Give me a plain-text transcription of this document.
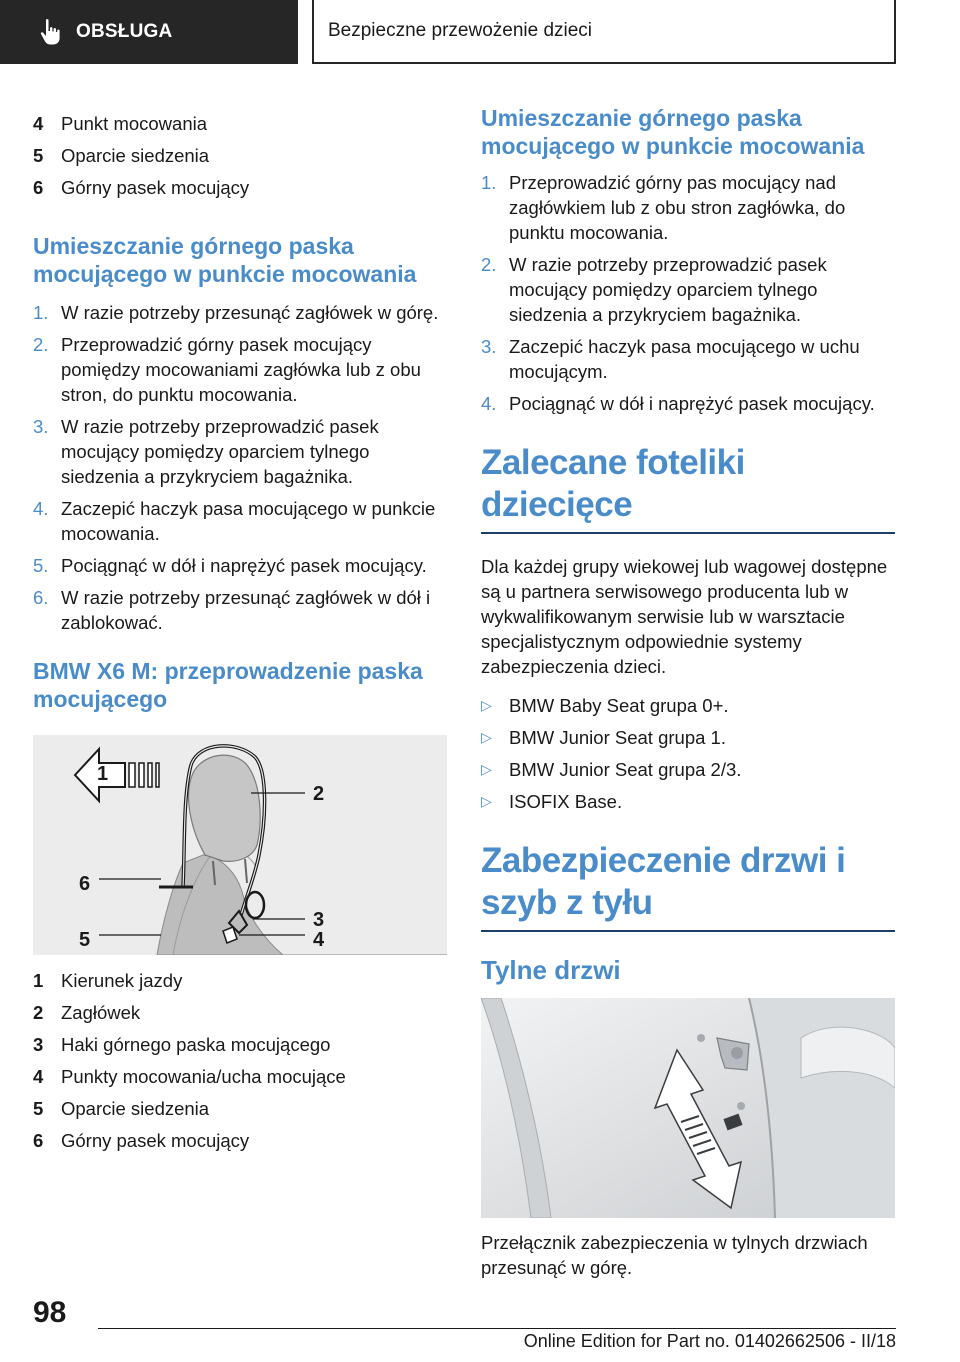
OBSŁUGA	Bezpieczne przewożenie dzieci
4 Punkt mocowania
5 Oparcie siedzenia
6 Górny pasek mocujący
Umieszczanie górnego paska mocującego w punkcie mocowania
1. W razie potrzeby przesunąć zagłówek w górę.
2. Przeprowadzić górny pasek mocujący pomiędzy mocowaniami zagłówka lub z obu stron, do punktu mocowania.
3. W razie potrzeby przeprowadzić pasek mocujący pomiędzy oparciem tylnego siedzenia a przykryciem bagażnika.
4. Zaczepić haczyk pasa mocującego w punkcie mocowania.
5. Pociągnąć w dół i naprężyć pasek mocujący.
6. W razie potrzeby przesunąć zagłówek w dół i zablokować.
BMW X6 M: przeprowadzenie paska mocującego
1
2
3
4
5
6
1 Kierunek jazdy
2 Zagłówek
3 Haki górnego paska mocującego
4 Punkty mocowania/ucha mocujące
5 Oparcie siedzenia
6 Górny pasek mocujący
Umieszczanie górnego paska mocującego w punkcie mocowania
1. Przeprowadzić górny pas mocujący nad zagłówkiem lub z obu stron zagłówka, do punktu mocowania.
2. W razie potrzeby przeprowadzić pasek mocujący pomiędzy oparciem tylnego siedzenia a przykryciem bagażnika.
3. Zaczepić haczyk pasa mocującego w uchu mocującym.
4. Pociągnąć w dół i naprężyć pasek mocujący.
Zalecane foteliki dziecięce

Dla każdej grupy wiekowej lub wagowej dostępne są u partnera serwisowego producenta lub w wykwalifikowanym serwisie lub w warsztacie specjalistycznym odpowiednie systemy zabezpieczenia dzieci.

▷ BMW Baby Seat grupa 0+.
▷ BMW Junior Seat grupa 1.
▷ BMW Junior Seat grupa 2/3.
▷ ISOFIX Base.
Zabezpieczenie drzwi i szyb z tyłu
Tylne drzwi

Przełącznik zabezpieczenia w tylnych drzwiach przesunąć w górę.

98
Online Edition for Part no. 01402662506 - II/18
